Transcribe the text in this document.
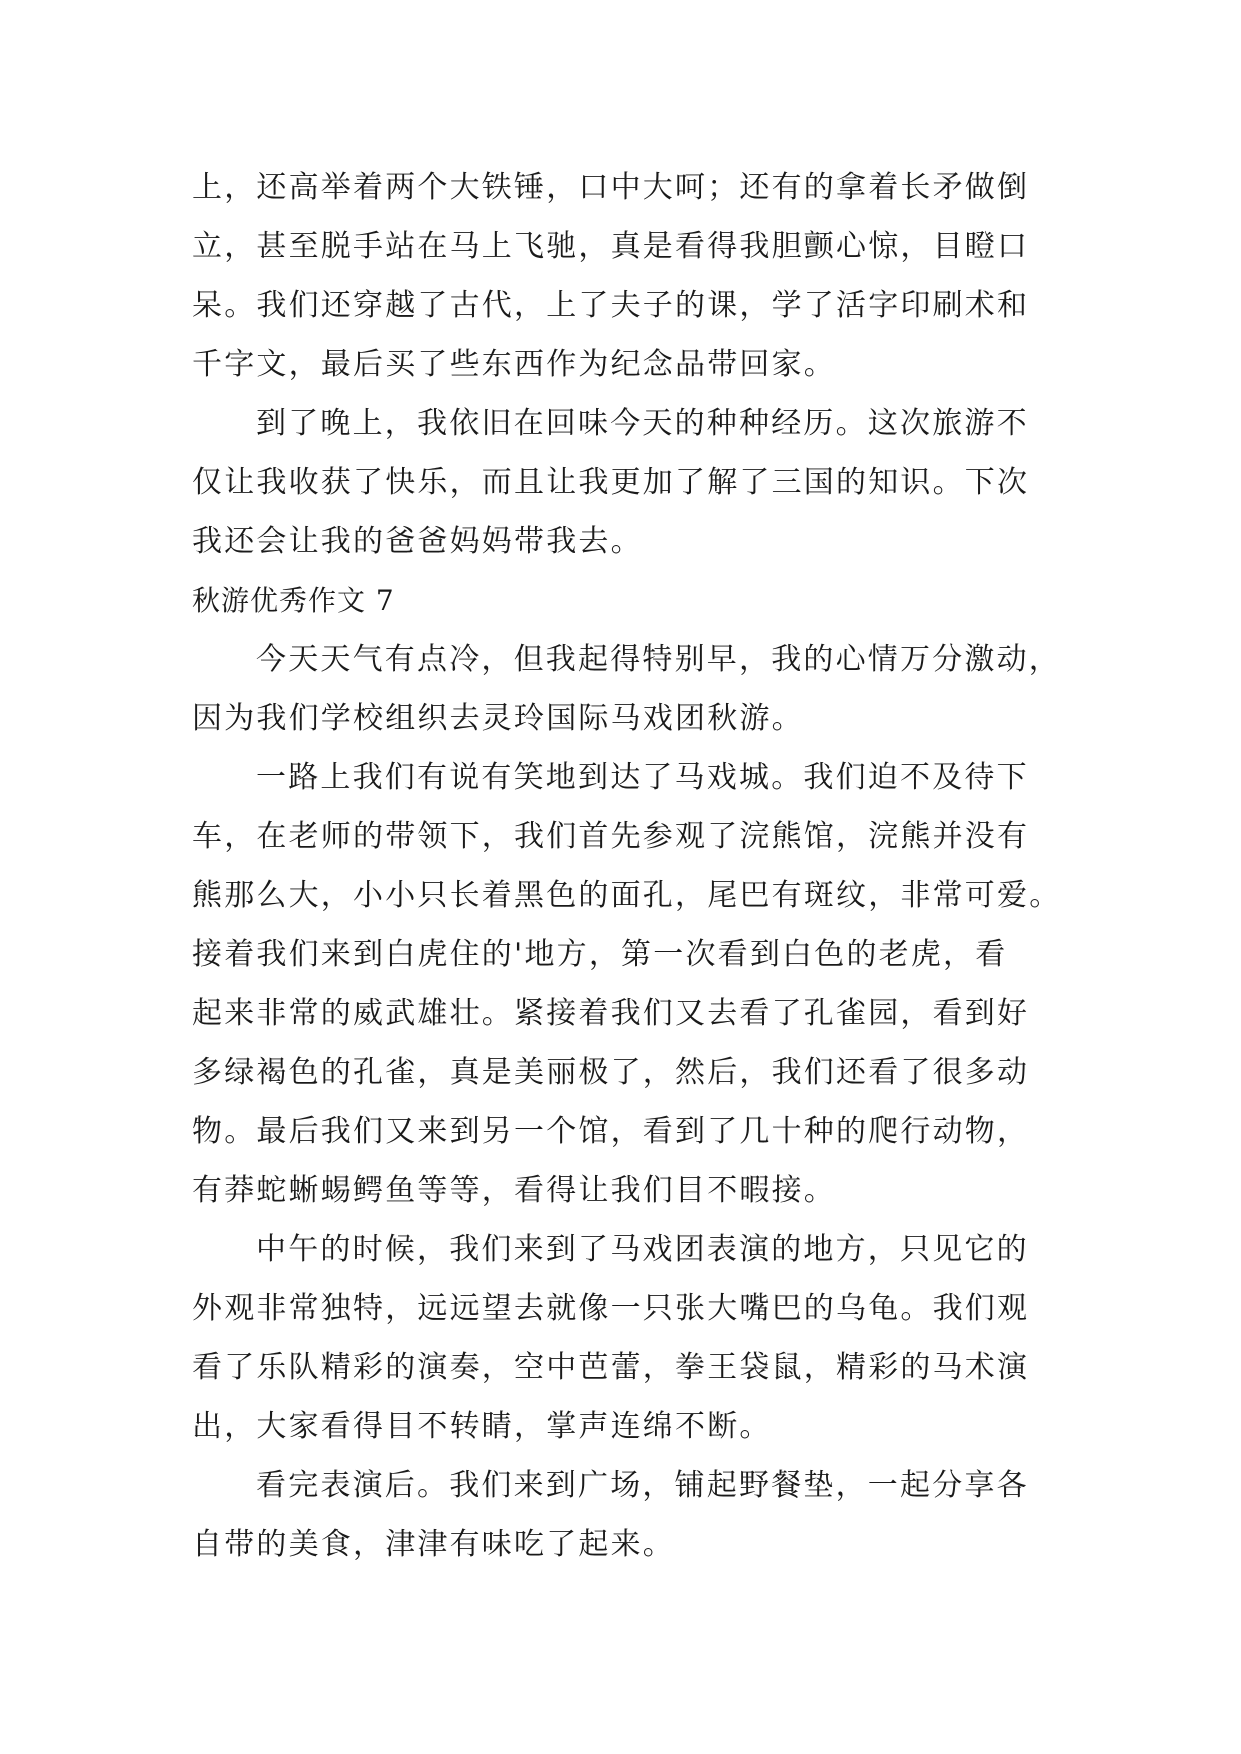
上，还高举着两个大铁锤，口中大呵；还有的拿着长矛做倒
立，甚至脱手站在马上飞驰，真是看得我胆颤心惊，目瞪口
呆。我们还穿越了古代，上了夫子的课，学了活字印刷术和
千字文，最后买了些东西作为纪念品带回家。
到了晚上，我依旧在回味今天的种种经历。这次旅游不
仅让我收获了快乐，而且让我更加了解了三国的知识。下次
我还会让我的爸爸妈妈带我去。
秋游优秀作文 7
今天天气有点冷，但我起得特别早，我的心情万分激动，
因为我们学校组织去灵玲国际马戏团秋游。
一路上我们有说有笑地到达了马戏城。我们迫不及待下
车，在老师的带领下，我们首先参观了浣熊馆，浣熊并没有
熊那么大，小小只长着黑色的面孔，尾巴有斑纹，非常可爱。
接着我们来到白虎住的'地方，第一次看到白色的老虎，看
起来非常的威武雄壮。紧接着我们又去看了孔雀园，看到好
多绿褐色的孔雀，真是美丽极了，然后，我们还看了很多动
物。最后我们又来到另一个馆，看到了几十种的爬行动物，
有莽蛇蜥蜴鳄鱼等等，看得让我们目不暇接。
中午的时候，我们来到了马戏团表演的地方，只见它的
外观非常独特，远远望去就像一只张大嘴巴的乌龟。我们观
看了乐队精彩的演奏，空中芭蕾，拳王袋鼠，精彩的马术演
出，大家看得目不转睛，掌声连绵不断。
看完表演后。我们来到广场，铺起野餐垫，一起分享各
自带的美食，津津有味吃了起来。
